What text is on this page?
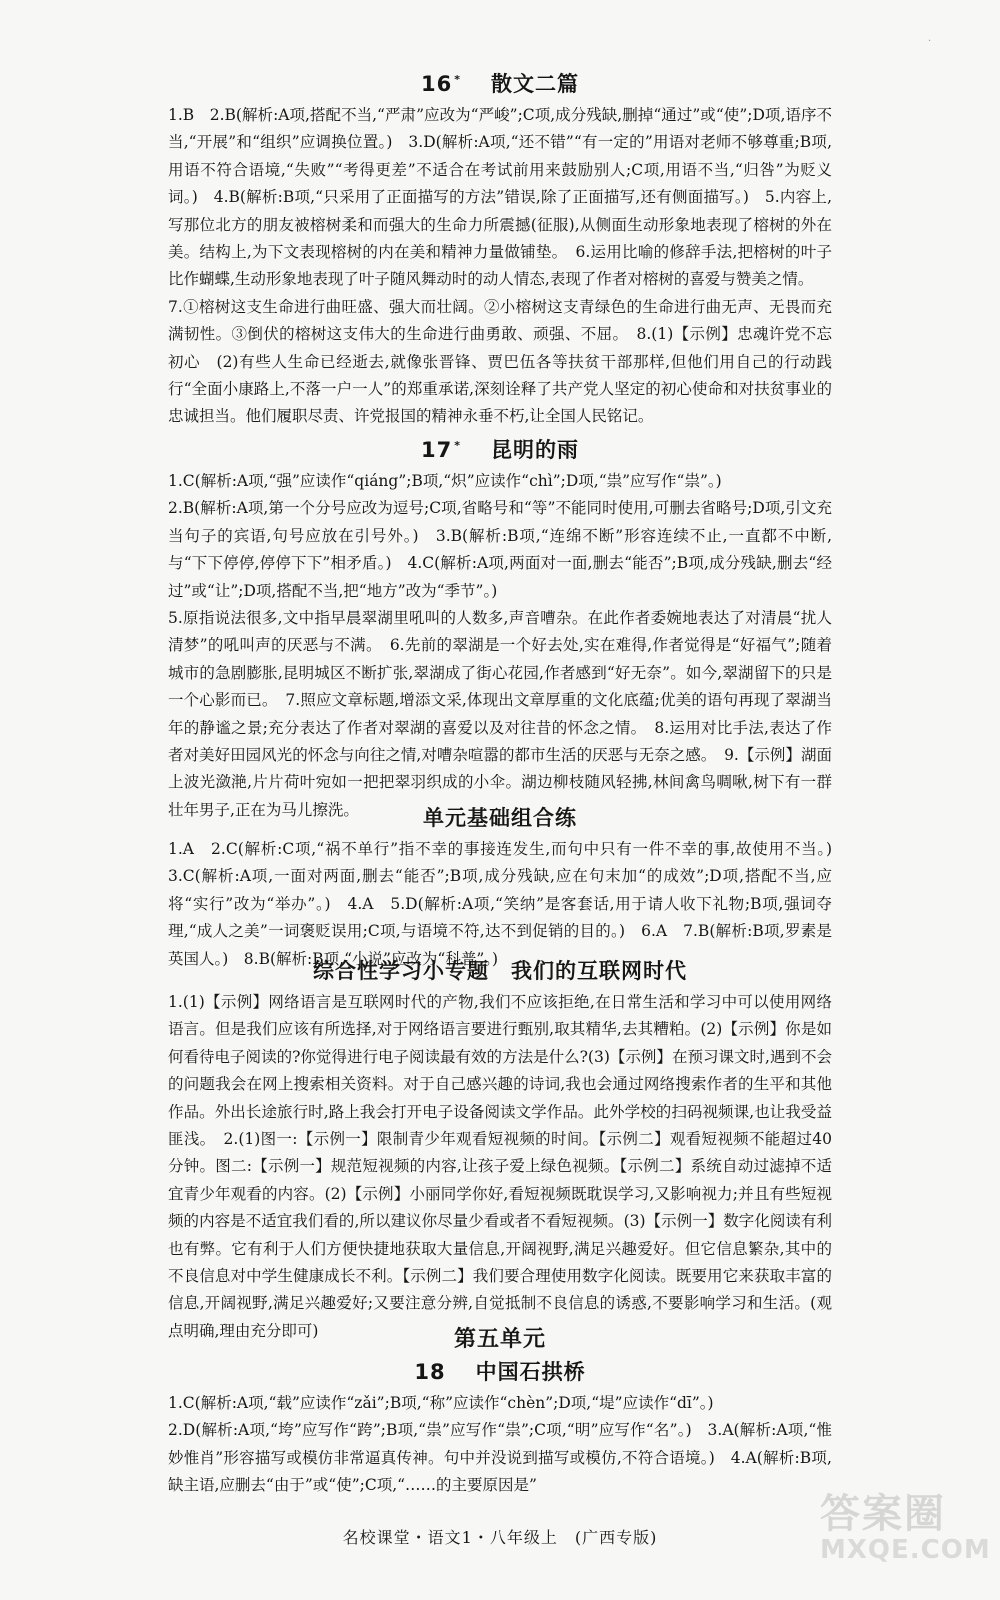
·
16 * 散文二篇

1.B　2.B(解析:A项,搭配不当,“严肃”应改为“严峻”;C项,成分残缺,删掉“通过”或“使”;D项,语序不当,“开展”和“组织”应调换位置。)　3.D(解析:A项,“还不错”“有一定的”用语对老师不够尊重;B项,用语不符合语境,“失败”“考得更差”不适合在考试前用来鼓励别人;C项,用语不当,“归咎”为贬义词。)　4.B(解析:B项,“只采用了正面描写的方法”错误,除了正面描写,还有侧面描写。)　5.内容上,写那位北方的朋友被榕树柔和而强大的生命力所震撼(征服),从侧面生动形象地表现了榕树的外在美。结构上,为下文表现榕树的内在美和精神力量做铺垫。　6.运用比喻的修辞手法,把榕树的叶子比作蝴蝶,生动形象地表现了叶子随风舞动时的动人情态,表现了作者对榕树的喜爱与赞美之情。

7.①榕树这支生命进行曲旺盛、强大而壮阔。②小榕树这支青绿色的生命进行曲无声、无畏而充满韧性。③倒伏的榕树这支伟大的生命进行曲勇敢、顽强、不屈。　8.(1)【示例】忠魂许党不忘初心　(2)有些人生命已经逝去,就像张晋锋、贾巴伍各等扶贫干部那样,但他们用自己的行动践行“全面小康路上,不落一户一人”的郑重承诺,深刻诠释了共产党人坚定的初心使命和对扶贫事业的忠诚担当。他们履职尽责、许党报国的精神永垂不朽,让全国人民铭记。

17 * 昆明的雨

1.C(解析:A项,“强”应读作“qiáng”;B项,“炽”应读作“chì”;D项,“祟”应写作“祟”。)

2.B(解析:A项,第一个分号应改为逗号;C项,省略号和“等”不能同时使用,可删去省略号;D项,引文充当句子的宾语,句号应放在引号外。)　3.B(解析:B项,“连绵不断”形容连续不止,一直都不中断,与“下下停停,停停下下”相矛盾。)　4.C(解析:A项,两面对一面,删去“能否”;B项,成分残缺,删去“经过”或“让”;D项,搭配不当,把“地方”改为“季节”。)

5.原指说法很多,文中指早晨翠湖里吼叫的人数多,声音嘈杂。在此作者委婉地表达了对清晨“扰人清梦”的吼叫声的厌恶与不满。　6.先前的翠湖是一个好去处,实在难得,作者觉得是“好福气”;随着城市的急剧膨胀,昆明城区不断扩张,翠湖成了街心花园,作者感到“好无奈”。如今,翠湖留下的只是一个心影而已。　7.照应文章标题,增添文采,体现出文章厚重的文化底蕴;优美的语句再现了翠湖当年的静谧之景;充分表达了作者对翠湖的喜爱以及对往昔的怀念之情。　8.运用对比手法,表达了作者对美好田园风光的怀念与向往之情,对嘈杂喧嚣的都市生活的厌恶与无奈之感。　9.【示例】湖面上波光潋滟,片片荷叶宛如一把把翠羽织成的小伞。湖边柳枝随风轻拂,林间禽鸟啁啾,树下有一群壮年男子,正在为马儿擦洗。	单元基础组合练

1.A　2.C(解析:C项,“祸不单行”指不幸的事接连发生,而句中只有一件不幸的事,故使用不当。)　3.C(解析:A项,一面对两面,删去“能否”;B项,成分残缺,应在句末加“的成效”;D项,搭配不当,应将“实行”改为“举办”。)　4.A　5.D(解析:A项,“笑纳”是客套话,用于请人收下礼物;B项,强词夺理,“成人之美”一词褒贬误用;C项,与语境不符,达不到促销的目的。)　6.A　7.B(解析:B项,罗素是英国人。)　8.B(解析:B项,“小说”应改为“科普”。)

综合性学习小专题　我们的互联网时代

1.(1)【示例】网络语言是互联网时代的产物,我们不应该拒绝,在日常生活和学习中可以使用网络语言。但是我们应该有所选择,对于网络语言要进行甄别,取其精华,去其糟粕。(2)【示例】你是如何看待电子阅读的?你觉得进行电子阅读最有效的方法是什么?(3)【示例】在预习课文时,遇到不会的问题我会在网上搜索相关资料。对于自己感兴趣的诗词,我也会通过网络搜索作者的生平和其他作品。外出长途旅行时,路上我会打开电子设备阅读文学作品。此外学校的扫码视频课,也让我受益匪浅。　2.(1)图一:【示例一】限制青少年观看短视频的时间。【示例二】观看短视频不能超过40分钟。图二:【示例一】规范短视频的内容,让孩子爱上绿色视频。【示例二】系统自动过滤掉不适宜青少年观看的内容。(2)【示例】小丽同学你好,看短视频既耽误学习,又影响视力;并且有些短视频的内容是不适宜我们看的,所以建议你尽量少看或者不看短视频。(3)【示例一】数字化阅读有利也有弊。它有利于人们方便快捷地获取大量信息,开阔视野,满足兴趣爱好。但它信息繁杂,其中的不良信息对中学生健康成长不利。【示例二】我们要合理使用数字化阅读。既要用它来获取丰富的信息,开阔视野,满足兴趣爱好;又要注意分辨,自觉抵制不良信息的诱惑,不要影响学习和生活。(观点明确,理由充分即可)	第五单元
18 中国石拱桥

1.C(解析:A项,“载”应读作“zǎi”;B项,“称”应读作“chèn”;D项,“堤”应读作“dī”。)

2.D(解析:A项,“垮”应写作“跨”;B项,“祟”应写作“祟”;C项,“明”应写作“名”。)　3.A(解析:A项,“惟妙惟肖”形容描写或模仿非常逼真传神。句中并没说到描写或模仿,不符合语境。)　4.A(解析:B项,缺主语,应删去“由于”或“使”;C项,“……的主要原因是”

名校课堂・语文1・八年级上　(广西专版)
答案圈
MXQE.COM
